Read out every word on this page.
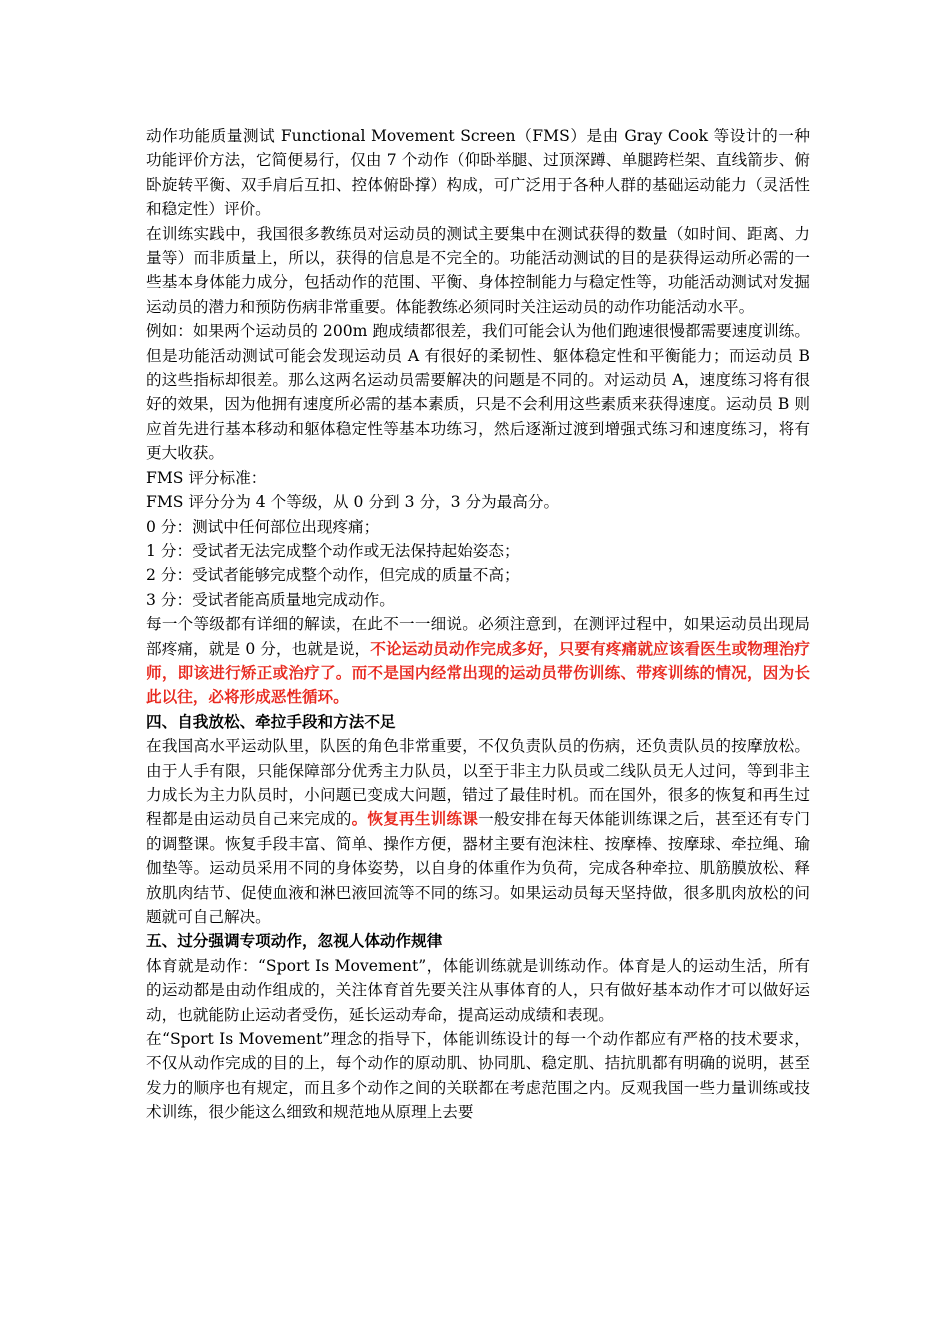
动作功能质量测试 Functional Movement Screen（FMS）是由 Gray Cook 等设计的一种功能评价方法，它简便易行，仅由 7 个动作（仰卧举腿、过顶深蹲、单腿跨栏架、直线箭步、俯卧旋转平衡、双手肩后互扣、控体俯卧撑）构成，可广泛用于各种人群的基础运动能力（灵活性和稳定性）评价。

在训练实践中，我国很多教练员对运动员的测试主要集中在测试获得的数量（如时间、距离、力量等）而非质量上，所以，获得的信息是不完全的。功能活动测试的目的是获得运动所必需的一些基本身体能力成分，包括动作的范围、平衡、身体控制能力与稳定性等，功能活动测试对发掘运动员的潜力和预防伤病非常重要。体能教练必须同时关注运动员的动作功能活动水平。

例如：如果两个运动员的 200m 跑成绩都很差，我们可能会认为他们跑速很慢都需要速度训练。但是功能活动测试可能会发现运动员 A 有很好的柔韧性、躯体稳定性和平衡能力；而运动员 B 的这些指标却很差。那么这两名运动员需要解决的问题是不同的。对运动员 A，速度练习将有很好的效果，因为他拥有速度所必需的基本素质，只是不会利用这些素质来获得速度。运动员 B 则应首先进行基本移动和躯体稳定性等基本功练习，然后逐渐过渡到增强式练习和速度练习，将有更大收获。

FMS 评分标准：

FMS 评分分为 4 个等级，从 0 分到 3 分，3 分为最高分。

0 分：测试中任何部位出现疼痛；

1 分：受试者无法完成整个动作或无法保持起始姿态；

2 分：受试者能够完成整个动作，但完成的质量不高；

3 分：受试者能高质量地完成动作。

每一个等级都有详细的解读，在此不一一细说。必须注意到，在测评过程中，如果运动员出现局部疼痛，就是 0 分，也就是说，不论运动员动作完成多好，只要有疼痛就应该看医生或物理治疗师，即该进行矫正或治疗了。而不是国内经常出现的运动员带伤训练、带疼训练的情况，因为长此以往，必将形成恶性循环。

四、自我放松、牵拉手段和方法不足

在我国高水平运动队里，队医的角色非常重要，不仅负责队员的伤病，还负责队员的按摩放松。由于人手有限，只能保障部分优秀主力队员，以至于非主力队员或二线队员无人过问，等到非主力成长为主力队员时，小问题已变成大问题，错过了最佳时机。而在国外，很多的恢复和再生过程都是由运动员自己来完成的。恢复再生训练课一般安排在每天体能训练课之后，甚至还有专门的调整课。恢复手段丰富、简单、操作方便，器材主要有泡沫柱、按摩棒、按摩球、牵拉绳、瑜伽垫等。运动员采用不同的身体姿势，以自身的体重作为负荷，完成各种牵拉、肌筋膜放松、释放肌肉结节、促使血液和淋巴液回流等不同的练习。如果运动员每天坚持做，很多肌肉放松的问题就可自己解决。

五、过分强调专项动作，忽视人体动作规律

体育就是动作：“Sport Is Movement”，体能训练就是训练动作。体育是人的运动生活，所有的运动都是由动作组成的，关注体育首先要关注从事体育的人，只有做好基本动作才可以做好运动，也就能防止运动者受伤，延长运动寿命，提高运动成绩和表现。

在“Sport Is Movement”理念的指导下，体能训练设计的每一个动作都应有严格的技术要求，不仅从动作完成的目的上，每个动作的原动肌、协同肌、稳定肌、拮抗肌都有明确的说明，甚至发力的顺序也有规定，而且多个动作之间的关联都在考虑范围之内。反观我国一些力量训练或技术训练，很少能这么细致和规范地从原理上去要
